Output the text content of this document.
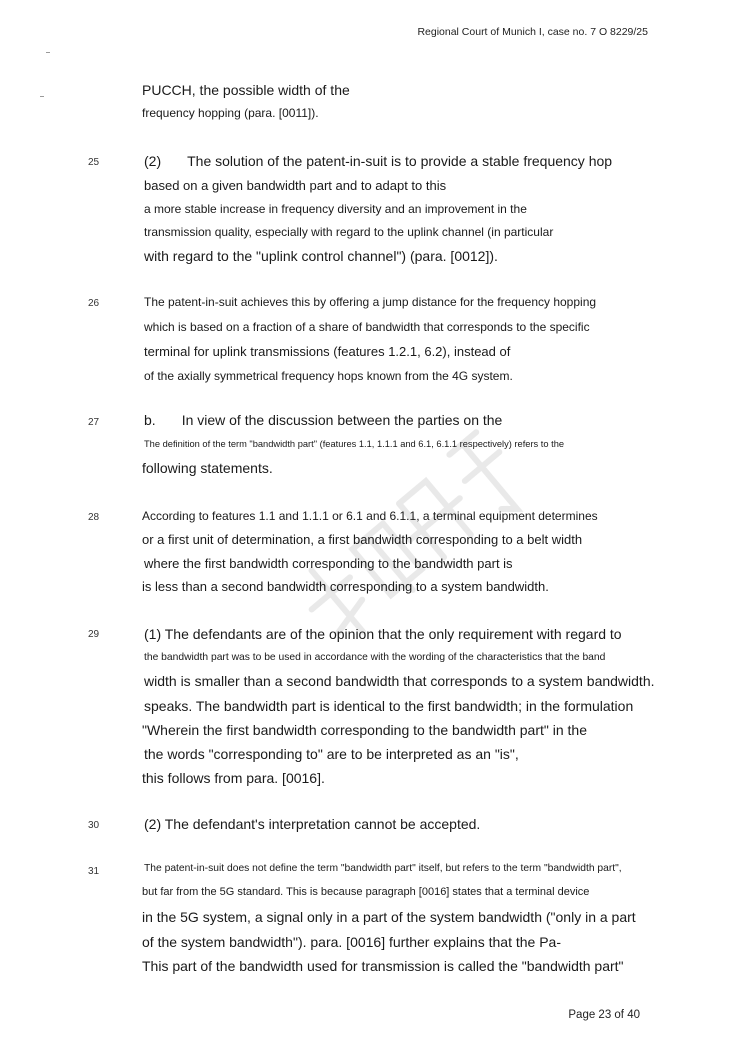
Regional Court of Munich I, case no. 7 O 8229/25
PUCCH, the possible width of the
frequency hopping (para. [0011]).
25	(2) The solution of the patent-in-suit is to provide a stable frequency hop
based on a given bandwidth part and to adapt to this
a more stable increase in frequency diversity and an improvement in the
transmission quality, especially with regard to the uplink channel (in particular
with regard to the "uplink control channel") (para. [0012]).
26	The patent-in-suit achieves this by offering a jump distance for the frequency hopping
which is based on a fraction of a share of bandwidth that corresponds to the specific
terminal for uplink transmissions (features 1.2.1, 6.2), instead of
of the axially symmetrical frequency hops known from the 4G system.
27	b. In view of the discussion between the parties on the
The definition of the term "bandwidth part" (features 1.1, 1.1.1 and 6.1, 6.1.1 respectively) refers to the
following statements.
28	According to features 1.1 and 1.1.1 or 6.1 and 6.1.1, a terminal equipment determines
or a first unit of determination, a first bandwidth corresponding to a belt width
where the first bandwidth corresponding to the bandwidth part is
is less than a second bandwidth corresponding to a system bandwidth.
29	(1) The defendants are of the opinion that the only requirement with regard to
the bandwidth part was to be used in accordance with the wording of the characteristics that the band
width is smaller than a second bandwidth that corresponds to a system bandwidth.
speaks. The bandwidth part is identical to the first bandwidth; in the formulation
"Wherein the first bandwidth corresponding to the bandwidth part" in the
the words "corresponding to" are to be interpreted as an "is",
this follows from para. [0016].
30	(2) The defendant's interpretation cannot be accepted.
31	The patent-in-suit does not define the term "bandwidth part" itself, but refers to the term "bandwidth part",
but far from the 5G standard. This is because paragraph [0016] states that a terminal device
in the 5G system, a signal only in a part of the system bandwidth ("only in a part
of the system bandwidth"). para. [0016] further explains that the Pa-
This part of the bandwidth used for transmission is called the "bandwidth part"
Page 23 of 40
